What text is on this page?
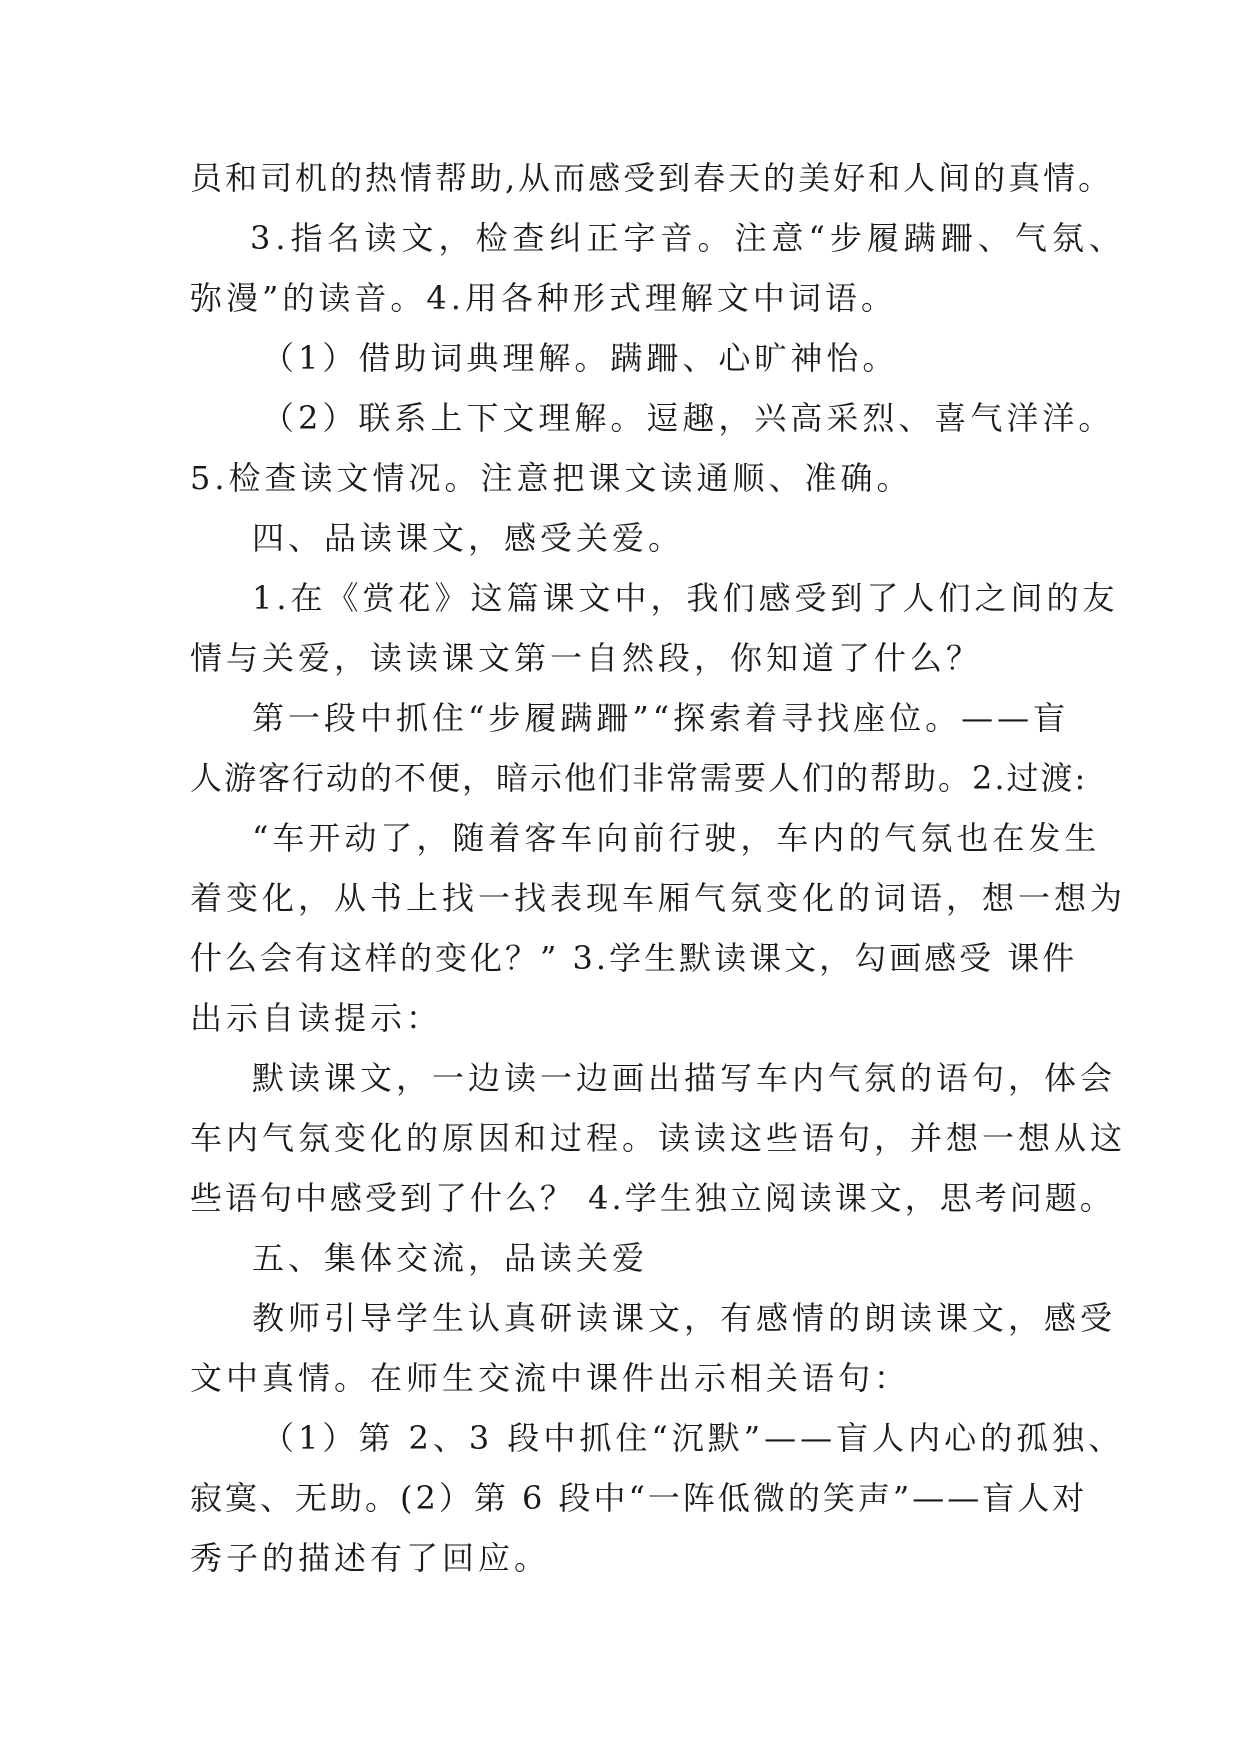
员和司机的热情帮助,从而感受到春天的美好和人间的真情。
3.指名读文，检查纠正字音。注意“步履蹒跚、气氛、
弥漫”的读音。4.用各种形式理解文中词语。
（1）借助词典理解。蹒跚、心旷神怡。
（2）联系上下文理解。逗趣，兴高采烈、喜气洋洋。
5.检查读文情况。注意把课文读通顺、准确。
四、品读课文，感受关爱。
1.在《赏花》这篇课文中，我们感受到了人们之间的友
情与关爱，读读课文第一自然段，你知道了什么？
第一段中抓住“步履蹒跚”“探索着寻找座位。——盲
人游客行动的不便，暗示他们非常需要人们的帮助。2.过渡:
“车开动了，随着客车向前行驶，车内的气氛也在发生
着变化，从书上找一找表现车厢气氛变化的词语，想一想为
什么会有这样的变化？” 3.学生默读课文，勾画感受 课件
出示自读提示：
默读课文，一边读一边画出描写车内气氛的语句，体会
车内气氛变化的原因和过程。读读这些语句，并想一想从这
些语句中感受到了什么？ 4.学生独立阅读课文，思考问题。
五、集体交流，品读关爱
教师引导学生认真研读课文，有感情的朗读课文，感受
文中真情。在师生交流中课件出示相关语句：
（1）第 2、3 段中抓住“沉默”——盲人内心的孤独、
寂寞、无助。(2）第 6 段中“一阵低微的笑声”——盲人对
秀子的描述有了回应。
